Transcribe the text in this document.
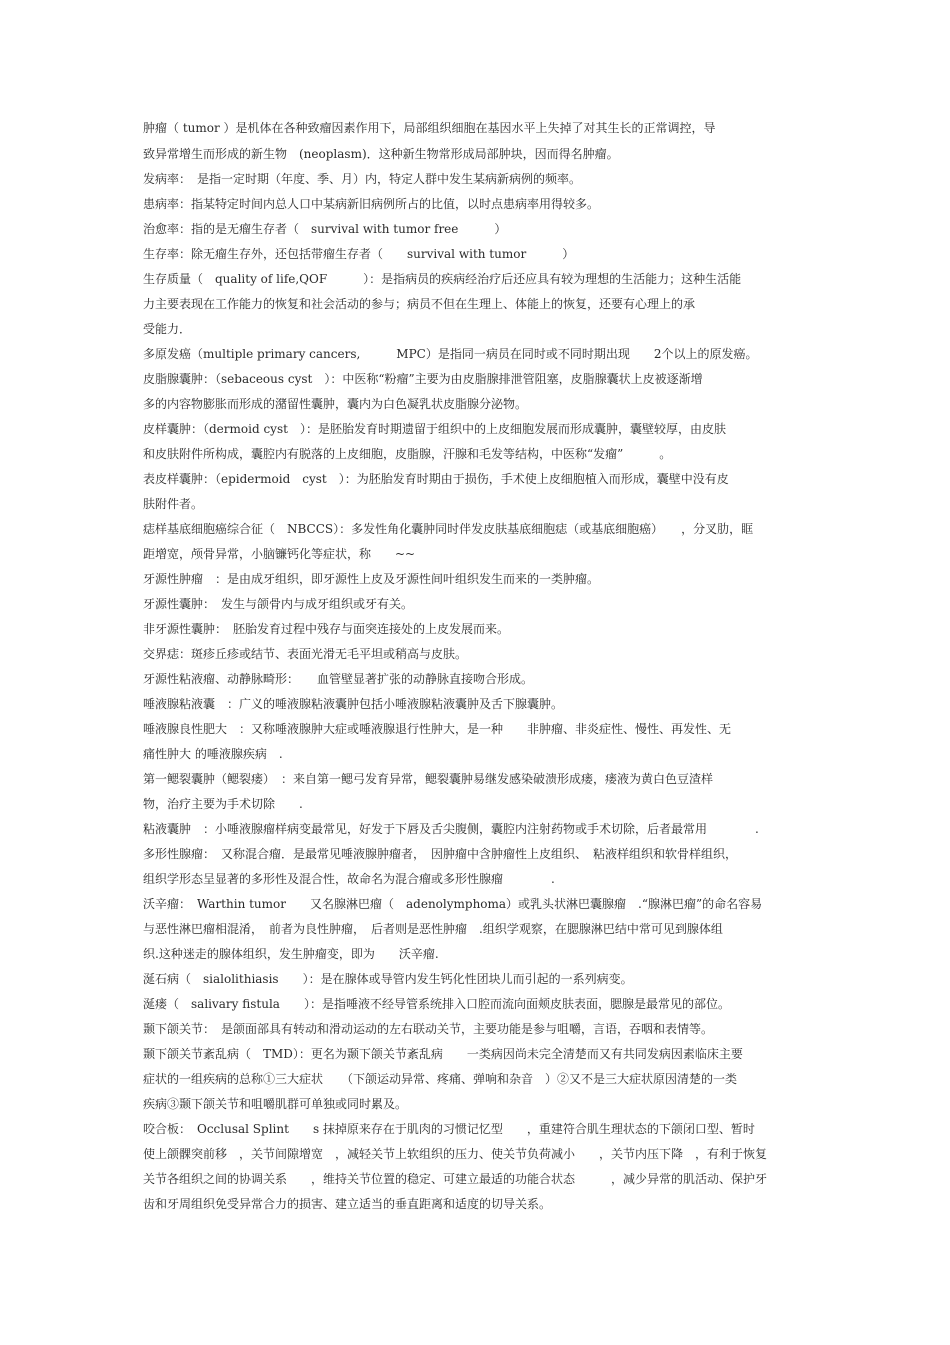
肿瘤（ tumor ）是机体在各种致瘤因素作用下，局部组织细胞在基因水平上失掉了对其生长的正常调控，导
致异常增生而形成的新生物　(neoplasm)．这种新生物常形成局部肿块，因而得名肿瘤。
发病率：　是指一定时期（年度、季、月）内，特定人群中发生某病新病例的频率。
患病率：指某特定时间内总人口中某病新旧病例所占的比值，以时点患病率用得较多。
治愈率：指的是无瘤生存者（　survival with tumor free　　　）
生存率：除无瘤生存外，还包括带瘤生存者（　　survival with tumor　　　）
生存质量（　quality of life,QOF　　　）：是指病员的疾病经治疗后还应具有较为理想的生活能力；这种生活能
力主要表现在工作能力的恢复和社会活动的参与；病员不但在生理上、体能上的恢复，还要有心理上的承
受能力．
多原发癌（multiple primary cancers,　　　MPC）是指同一病员在同时或不同时期出现　　2个以上的原发癌。
皮脂腺囊肿：（sebaceous cyst　）：中医称“粉瘤”主要为由皮脂腺排泄管阻塞，皮脂腺囊状上皮被逐渐增
多的内容物膨胀而形成的潴留性囊肿，囊内为白色凝乳状皮脂腺分泌物。
皮样囊肿：（dermoid cyst　）：是胚胎发育时期遗留于组织中的上皮细胞发展而形成囊肿，囊壁较厚，由皮肤
和皮肤附件所构成，囊腔内有脱落的上皮细胞，皮脂腺，汗腺和毛发等结构，中医称“发瘤”　　　。
表皮样囊肿：（epidermoid　cyst　）：为胚胎发育时期由于损伤，手术使上皮细胞植入而形成，囊壁中没有皮
肤附件者。
痣样基底细胞癌综合征（　NBCCS）：多发性角化囊肿同时伴发皮肤基底细胞痣（或基底细胞癌）　　，分叉肋，眶
距增宽，颅骨异常，小脑镰钙化等症状，称　　~~
牙源性肿瘤　：是由成牙组织，即牙源性上皮及牙源性间叶组织发生而来的一类肿瘤。
牙源性囊肿：　发生与颌骨内与成牙组织或牙有关。
非牙源性囊肿：　胚胎发育过程中残存与面突连接处的上皮发展而来。
交界痣：斑疹丘疹或结节、表面光滑无毛平坦或稍高与皮肤。
牙源性粘液瘤、动静脉畸形：　　血管壁显著扩张的动静脉直接吻合形成。
唾液腺粘液囊　：广义的唾液腺粘液囊肿包括小唾液腺粘液囊肿及舌下腺囊肿。
唾液腺良性肥大　：又称唾液腺肿大症或唾液腺退行性肿大，是一种　　非肿瘤、非炎症性、慢性、再发性、无
痛性肿大 的唾液腺疾病　.
第一鳃裂囊肿（鳃裂瘘）　：来自第一鳃弓发育异常，鳃裂囊肿易继发感染破溃形成瘘，瘘液为黄白色豆渣样
物，治疗主要为手术切除　　.
粘液囊肿　：小唾液腺瘤样病变最常见，好发于下唇及舌尖腹侧，囊腔内注射药物或手术切除，后者最常用　　　　.
多形性腺瘤：　又称混合瘤．是最常见唾液腺肿瘤者，　因肿瘤中含肿瘤性上皮组织、　粘液样组织和软骨样组织，
组织学形态呈显著的多形性及混合性，故命名为混合瘤或多形性腺瘤　　　　.
沃辛瘤：　Warthin tumor　　又名腺淋巴瘤（　adenolymphoma）或乳头状淋巴囊腺瘤　.“腺淋巴瘤”的命名容易
与恶性淋巴瘤相混淆，　前者为良性肿瘤，　后者则是恶性肿瘤　.组织学观察，在腮腺淋巴结中常可见到腺体组
织.这种迷走的腺体组织，发生肿瘤变，即为　　沃辛瘤.
涎石病（　sialolithiasis　　）：是在腺体或导管内发生钙化性团块儿而引起的一系列病变。
涎瘘（　salivary fistula　　）：是指唾液不经导管系统排入口腔而流向面颊皮肤表面，腮腺是最常见的部位。
颞下颌关节：　是颌面部具有转动和滑动运动的左右联动关节，主要功能是参与咀嚼，言语，吞咽和表情等。
颞下颌关节紊乱病（　TMD）：更名为颞下颌关节紊乱病　　一类病因尚未完全清楚而又有共同发病因素临床主要
症状的一组疾病的总称①三大症状　　（下颌运动异常、疼痛、弹响和杂音　）②又不是三大症状原因清楚的一类
疾病③颞下颌关节和咀嚼肌群可单独或同时累及。
咬合板：　Occlusal Splint　　s 抹掉原来存在于肌肉的习惯记忆型　　，重建符合肌生理状态的下颌闭口型、暂时
使上颌髁突前移　，关节间隙增宽　，减轻关节上软组织的压力、使关节负荷减小　　，关节内压下降　，有利于恢复
关节各组织之间的协调关系　　，维持关节位置的稳定、可建立最适的功能合状态　　　，减少异常的肌活动、保护牙
齿和牙周组织免受异常合力的损害、建立适当的垂直距离和适度的切导关系。
